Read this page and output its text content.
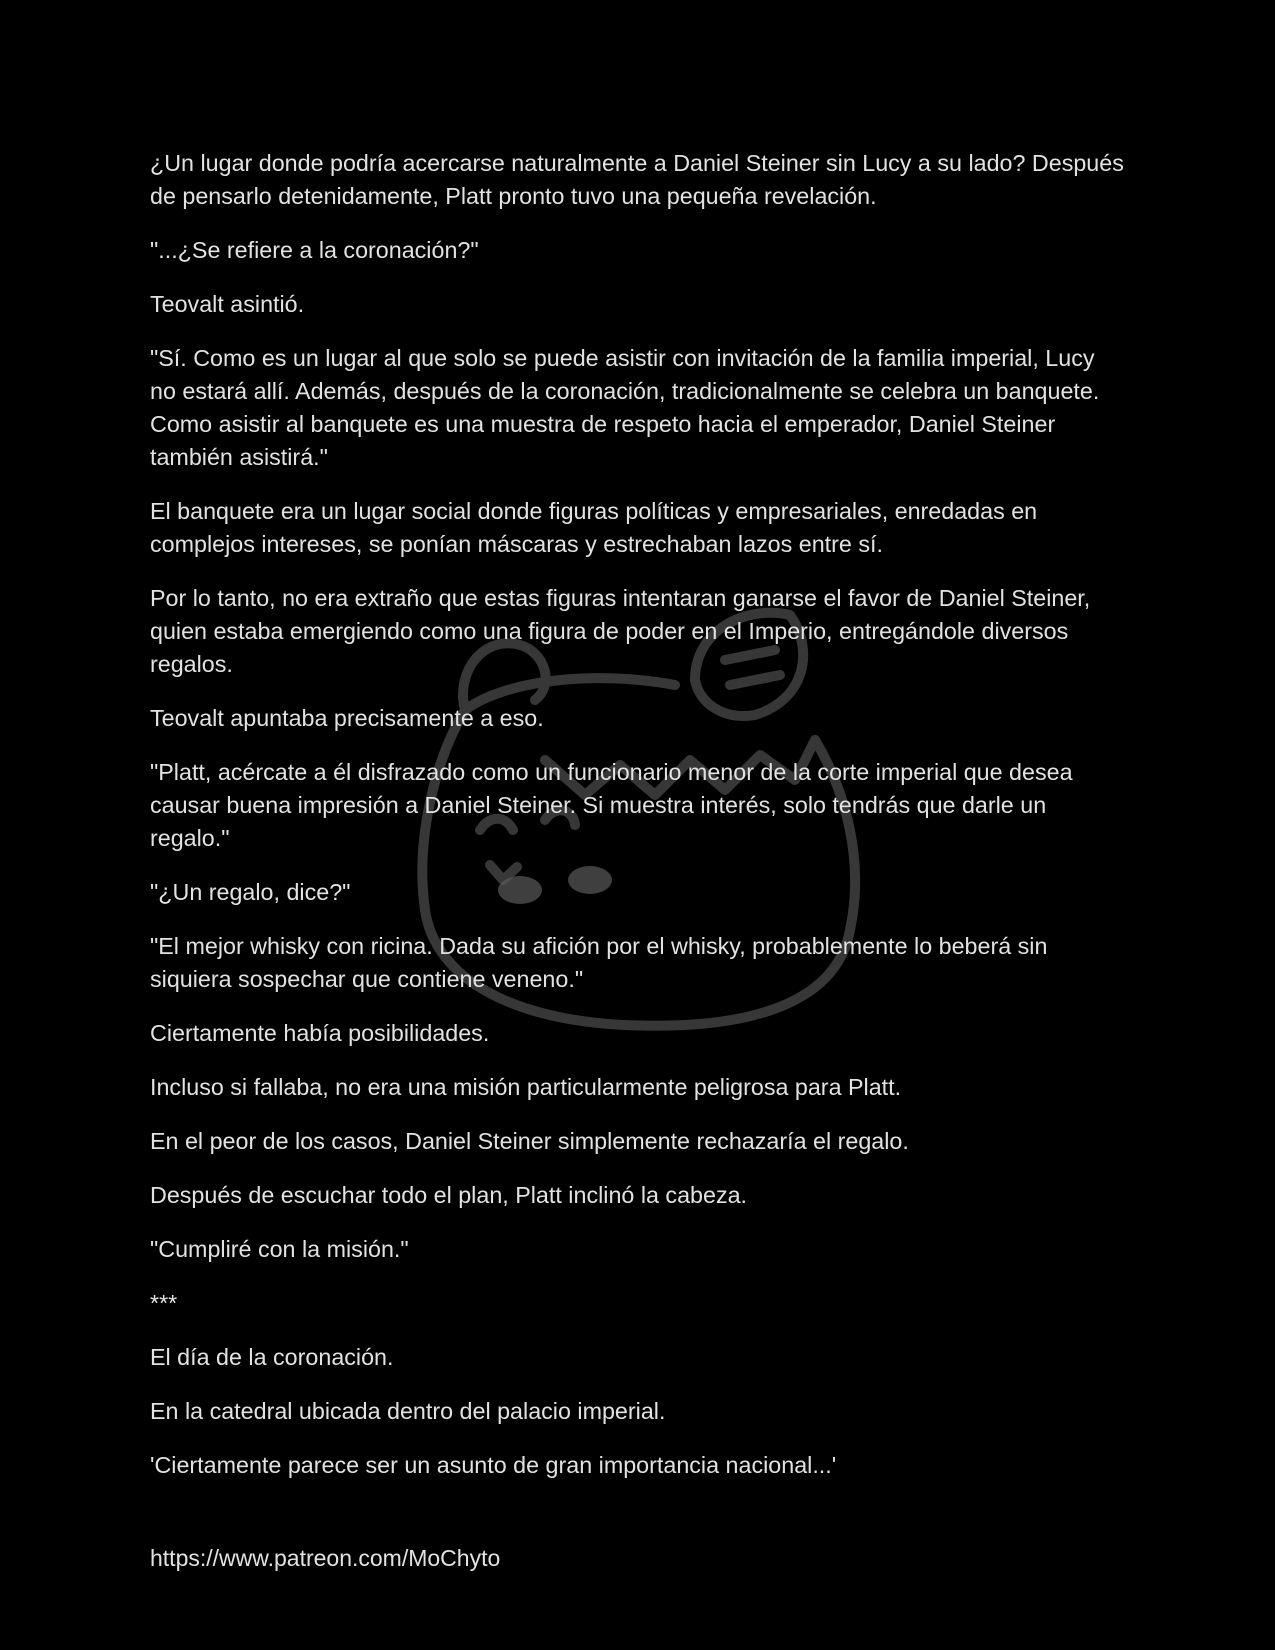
¿Un lugar donde podría acercarse naturalmente a Daniel Steiner sin Lucy a su lado? Después de pensarlo detenidamente, Platt pronto tuvo una pequeña revelación.

"...¿Se refiere a la coronación?"

Teovalt asintió.

"Sí. Como es un lugar al que solo se puede asistir con invitación de la familia imperial, Lucy no estará allí. Además, después de la coronación, tradicionalmente se celebra un banquete. Como asistir al banquete es una muestra de respeto hacia el emperador, Daniel Steiner también asistirá."

El banquete era un lugar social donde figuras políticas y empresariales, enredadas en complejos intereses, se ponían máscaras y estrechaban lazos entre sí.

Por lo tanto, no era extraño que estas figuras intentaran ganarse el favor de Daniel Steiner, quien estaba emergiendo como una figura de poder en el Imperio, entregándole diversos regalos.

Teovalt apuntaba precisamente a eso.

"Platt, acércate a él disfrazado como un funcionario menor de la corte imperial que desea causar buena impresión a Daniel Steiner. Si muestra interés, solo tendrás que darle un regalo."

"¿Un regalo, dice?"

"El mejor whisky con ricina. Dada su afición por el whisky, probablemente lo beberá sin siquiera sospechar que contiene veneno."

Ciertamente había posibilidades.

Incluso si fallaba, no era una misión particularmente peligrosa para Platt.

En el peor de los casos, Daniel Steiner simplemente rechazaría el regalo.

Después de escuchar todo el plan, Platt inclinó la cabeza.

"Cumpliré con la misión."

***

El día de la coronación.

En la catedral ubicada dentro del palacio imperial.

'Ciertamente parece ser un asunto de gran importancia nacional...'

https://www.patreon.com/MoChyto
